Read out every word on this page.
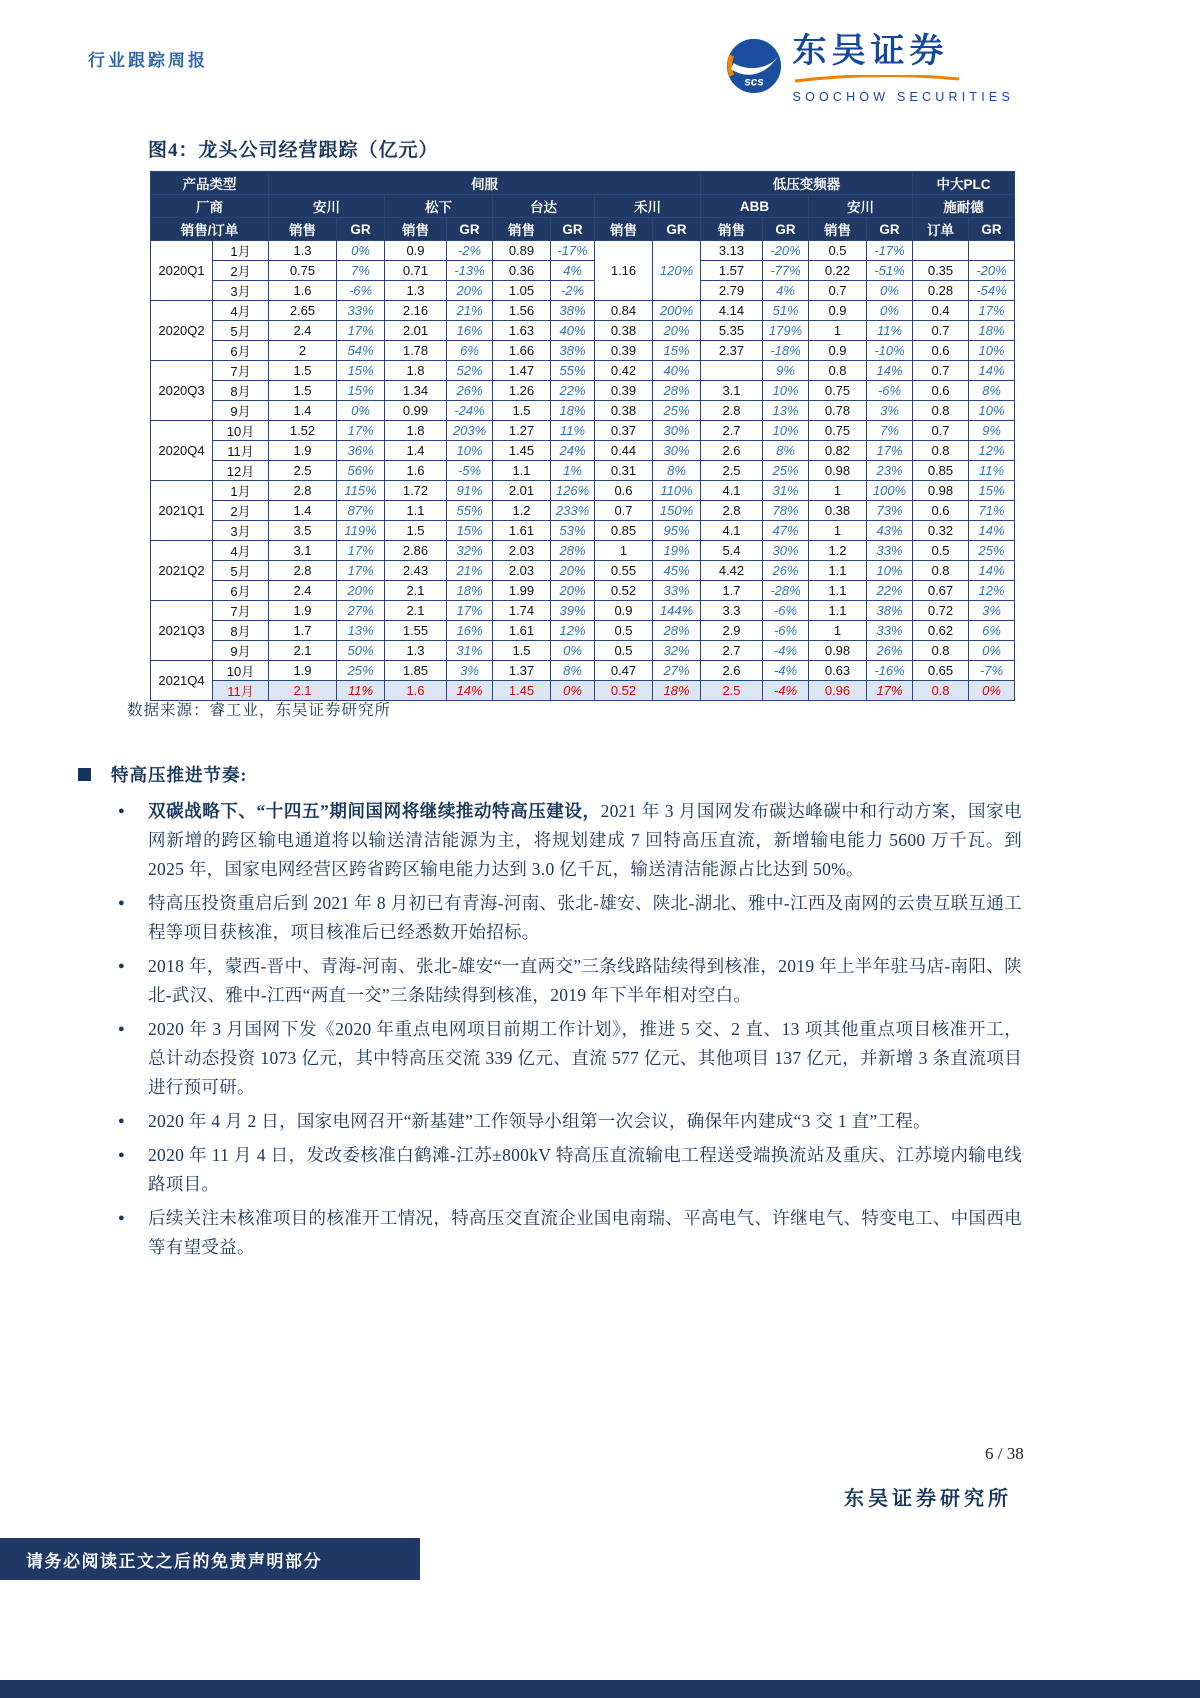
行业跟踪周报
scs
东吴证券
SOOCHOW SECURITIES
图4：龙头公司经营跟踪（亿元）
产品类型		伺服								低压变频器				中大PLC	
厂商		安川		松下		台达		禾川		ABB		安川		施耐德	
销售/订单		销售	GR	销售	GR	销售	GR	销售	GR	销售	GR	销售	GR	订单	GR
2020Q1	1月	1.3	0%	0.9	-2%	0.89	-17%	1.16	120%	3.13	-20%	0.5	-17%		
	2月	0.75	7%	0.71	-13%	0.36	4%			1.57	-77%	0.22	-51%	0.35	-20%
	3月	1.6	-6%	1.3	20%	1.05	-2%			2.79	4%	0.7	0%	0.28	-54%
2020Q2	4月	2.65	33%	2.16	21%	1.56	38%	0.84	200%	4.14	51%	0.9	0%	0.4	17%
	5月	2.4	17%	2.01	16%	1.63	40%	0.38	20%	5.35	179%	1	11%	0.7	18%
	6月	2	54%	1.78	6%	1.66	38%	0.39	15%	2.37	-18%	0.9	-10%	0.6	10%
2020Q3	7月	1.5	15%	1.8	52%	1.47	55%	0.42	40%		9%	0.8	14%	0.7	14%
	8月	1.5	15%	1.34	26%	1.26	22%	0.39	28%	3.1	10%	0.75	-6%	0.6	8%
	9月	1.4	0%	0.99	-24%	1.5	18%	0.38	25%	2.8	13%	0.78	3%	0.8	10%
2020Q4	10月	1.52	17%	1.8	203%	1.27	11%	0.37	30%	2.7	10%	0.75	7%	0.7	9%
	11月	1.9	36%	1.4	10%	1.45	24%	0.44	30%	2.6	8%	0.82	17%	0.8	12%
	12月	2.5	56%	1.6	-5%	1.1	1%	0.31	8%	2.5	25%	0.98	23%	0.85	11%
2021Q1	1月	2.8	115%	1.72	91%	2.01	126%	0.6	110%	4.1	31%	1	100%	0.98	15%
	2月	1.4	87%	1.1	55%	1.2	233%	0.7	150%	2.8	78%	0.38	73%	0.6	71%
	3月	3.5	119%	1.5	15%	1.61	53%	0.85	95%	4.1	47%	1	43%	0.32	14%
2021Q2	4月	3.1	17%	2.86	32%	2.03	28%	1	19%	5.4	30%	1.2	33%	0.5	25%
	5月	2.8	17%	2.43	21%	2.03	20%	0.55	45%	4.42	26%	1.1	10%	0.8	14%
	6月	2.4	20%	2.1	18%	1.99	20%	0.52	33%	1.7	-28%	1.1	22%	0.67	12%
2021Q3	7月	1.9	27%	2.1	17%	1.74	39%	0.9	144%	3.3	-6%	1.1	38%	0.72	3%
	8月	1.7	13%	1.55	16%	1.61	12%	0.5	28%	2.9	-6%	1	33%	0.62	6%
	9月	2.1	50%	1.3	31%	1.5	0%	0.5	32%	2.7	-4%	0.98	26%	0.8	0%
2021Q4	10月	1.9	25%	1.85	3%	1.37	8%	0.47	27%	2.6	-4%	0.63	-16%	0.65	-7%
	11月	2.1	11%	1.6	14%	1.45	0%	0.52	18%	2.5	-4%	0.96	17%	0.8	0%
数据来源：睿工业，东吴证券研究所
特高压推进节奏:
●	双碳战略下、“十四五”期间国网将继续推动特高压建设，2021 年 3 月国网发布碳达峰碳中和行动方案，国家电网新增的跨区输电通道将以输送清洁能源为主，将规划建成 7 回特高压直流，新增输电能力 5600 万千瓦。到 2025 年，国家电网经营区跨省跨区输电能力达到 3.0 亿千瓦，输送清洁能源占比达到 50%。
●	特高压投资重启后到 2021 年 8 月初已有青海-河南、张北-雄安、陕北-湖北、雅中-江西及南网的云贵互联互通工程等项目获核准，项目核准后已经悉数开始招标。
●	2018 年，蒙西-晋中、青海-河南、张北-雄安“一直两交”三条线路陆续得到核准，2019 年上半年驻马店-南阳、陕北-武汉、雅中-江西“两直一交”三条陆续得到核准，2019 年下半年相对空白。
●	2020 年 3 月国网下发《2020 年重点电网项目前期工作计划》，推进 5 交、2 直、13 项其他重点项目核准开工，总计动态投资 1073 亿元，其中特高压交流 339 亿元、直流 577 亿元、其他项目 137 亿元，并新增 3 条直流项目进行预可研。
●	2020 年 4 月 2 日，国家电网召开“新基建”工作领导小组第一次会议，确保年内建成“3 交 1 直”工程。
●	2020 年 11 月 4 日，发改委核准白鹤滩-江苏±800kV 特高压直流输电工程送受端换流站及重庆、江苏境内输电线路项目。
●	后续关注未核准项目的核准开工情况，特高压交直流企业国电南瑞、平高电气、许继电气、特变电工、中国西电等有望受益。
6 / 38
东吴证券研究所
请务必阅读正文之后的免责声明部分
